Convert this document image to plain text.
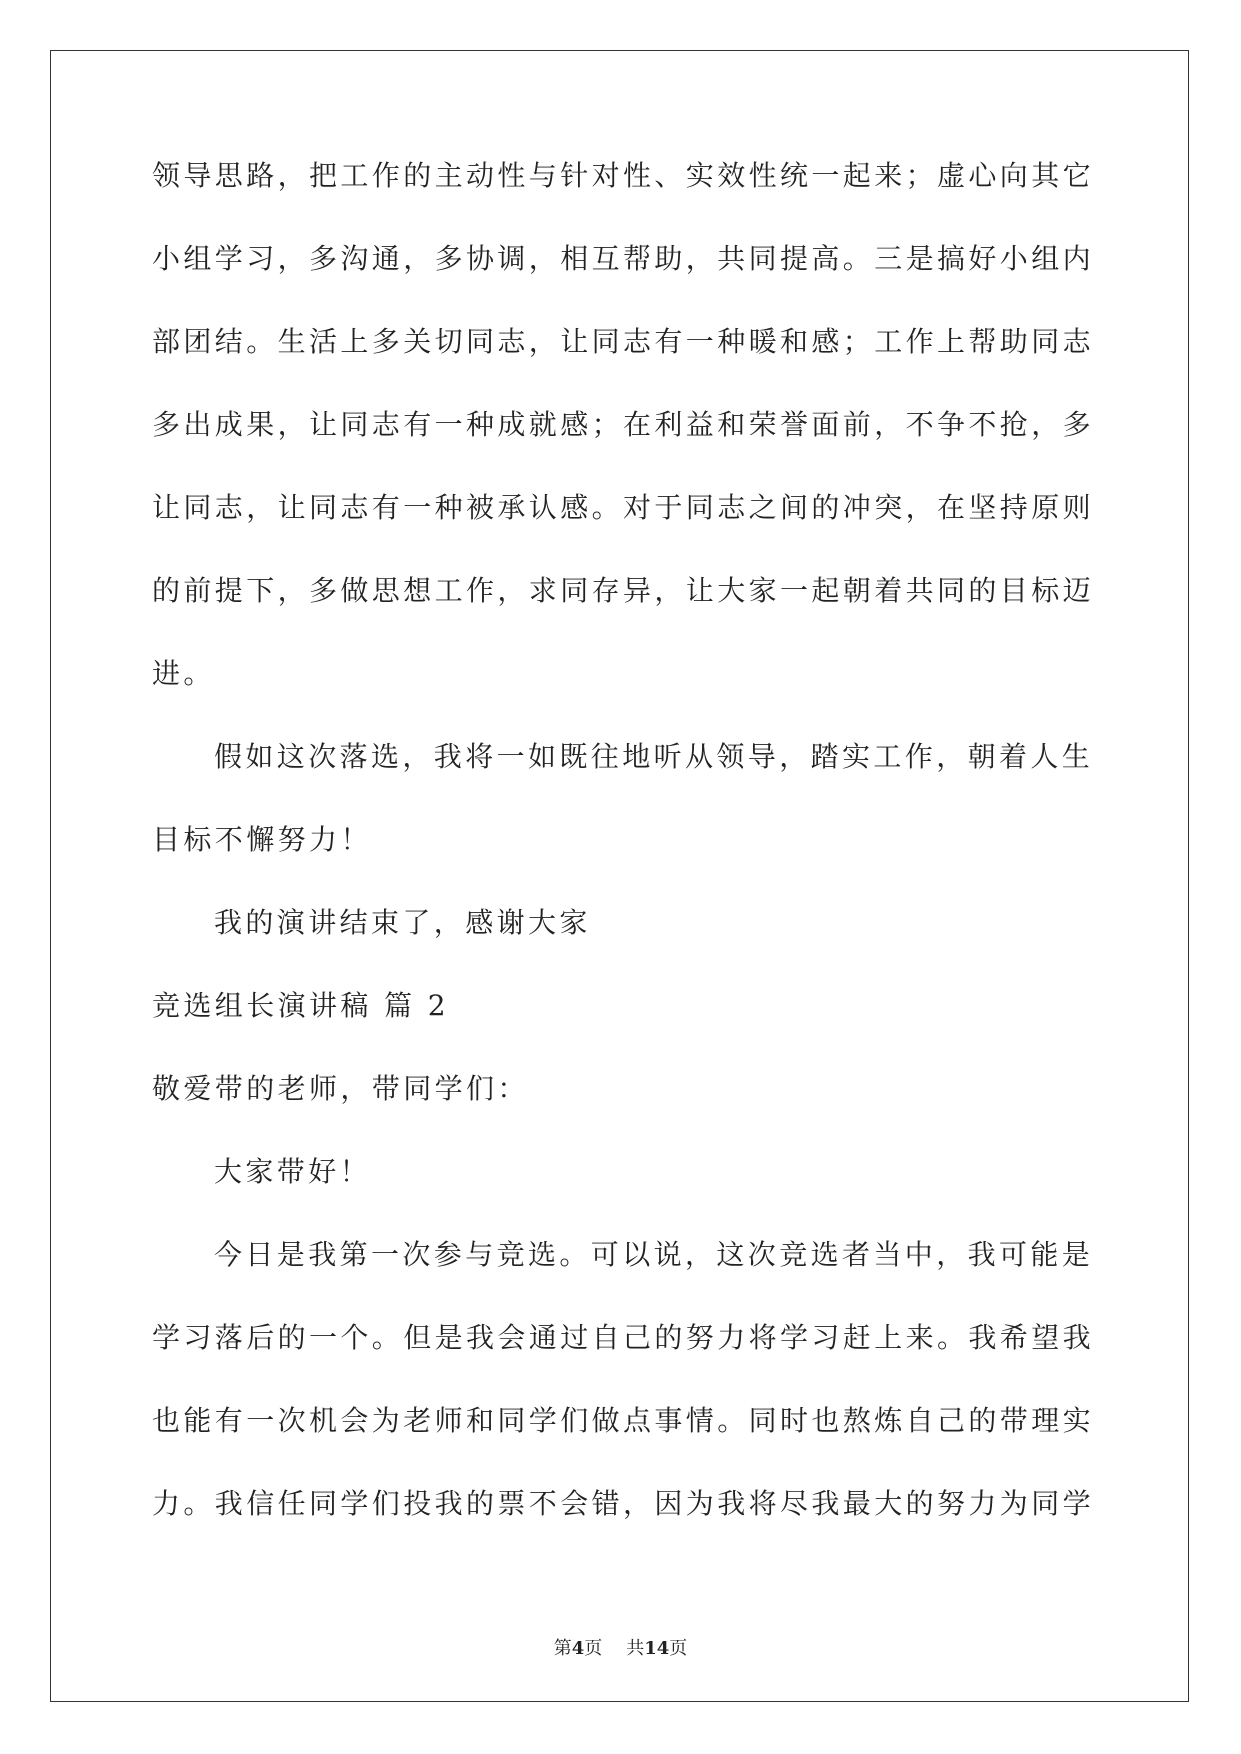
领导思路，把工作的主动性与针对性、实效性统一起来；虚心向其它
小组学习，多沟通，多协调，相互帮助，共同提高。三是搞好小组内
部团结。生活上多关切同志，让同志有一种暖和感；工作上帮助同志
多出成果，让同志有一种成就感；在利益和荣誉面前，不争不抢，多
让同志，让同志有一种被承认感。对于同志之间的冲突，在坚持原则
的前提下，多做思想工作，求同存异，让大家一起朝着共同的目标迈
进。
假如这次落选，我将一如既往地听从领导，踏实工作，朝着人生
目标不懈努力！
我的演讲结束了，感谢大家
竞选组长演讲稿 篇 2
敬爱带的老师，带同学们：
大家带好！
今日是我第一次参与竞选。可以说，这次竞选者当中，我可能是
学习落后的一个。但是我会通过自己的努力将学习赶上来。我希望我
也能有一次机会为老师和同学们做点事情。同时也熬炼自己的带理实
力。我信任同学们投我的票不会错，因为我将尽我最大的努力为同学
第4页 共14页
